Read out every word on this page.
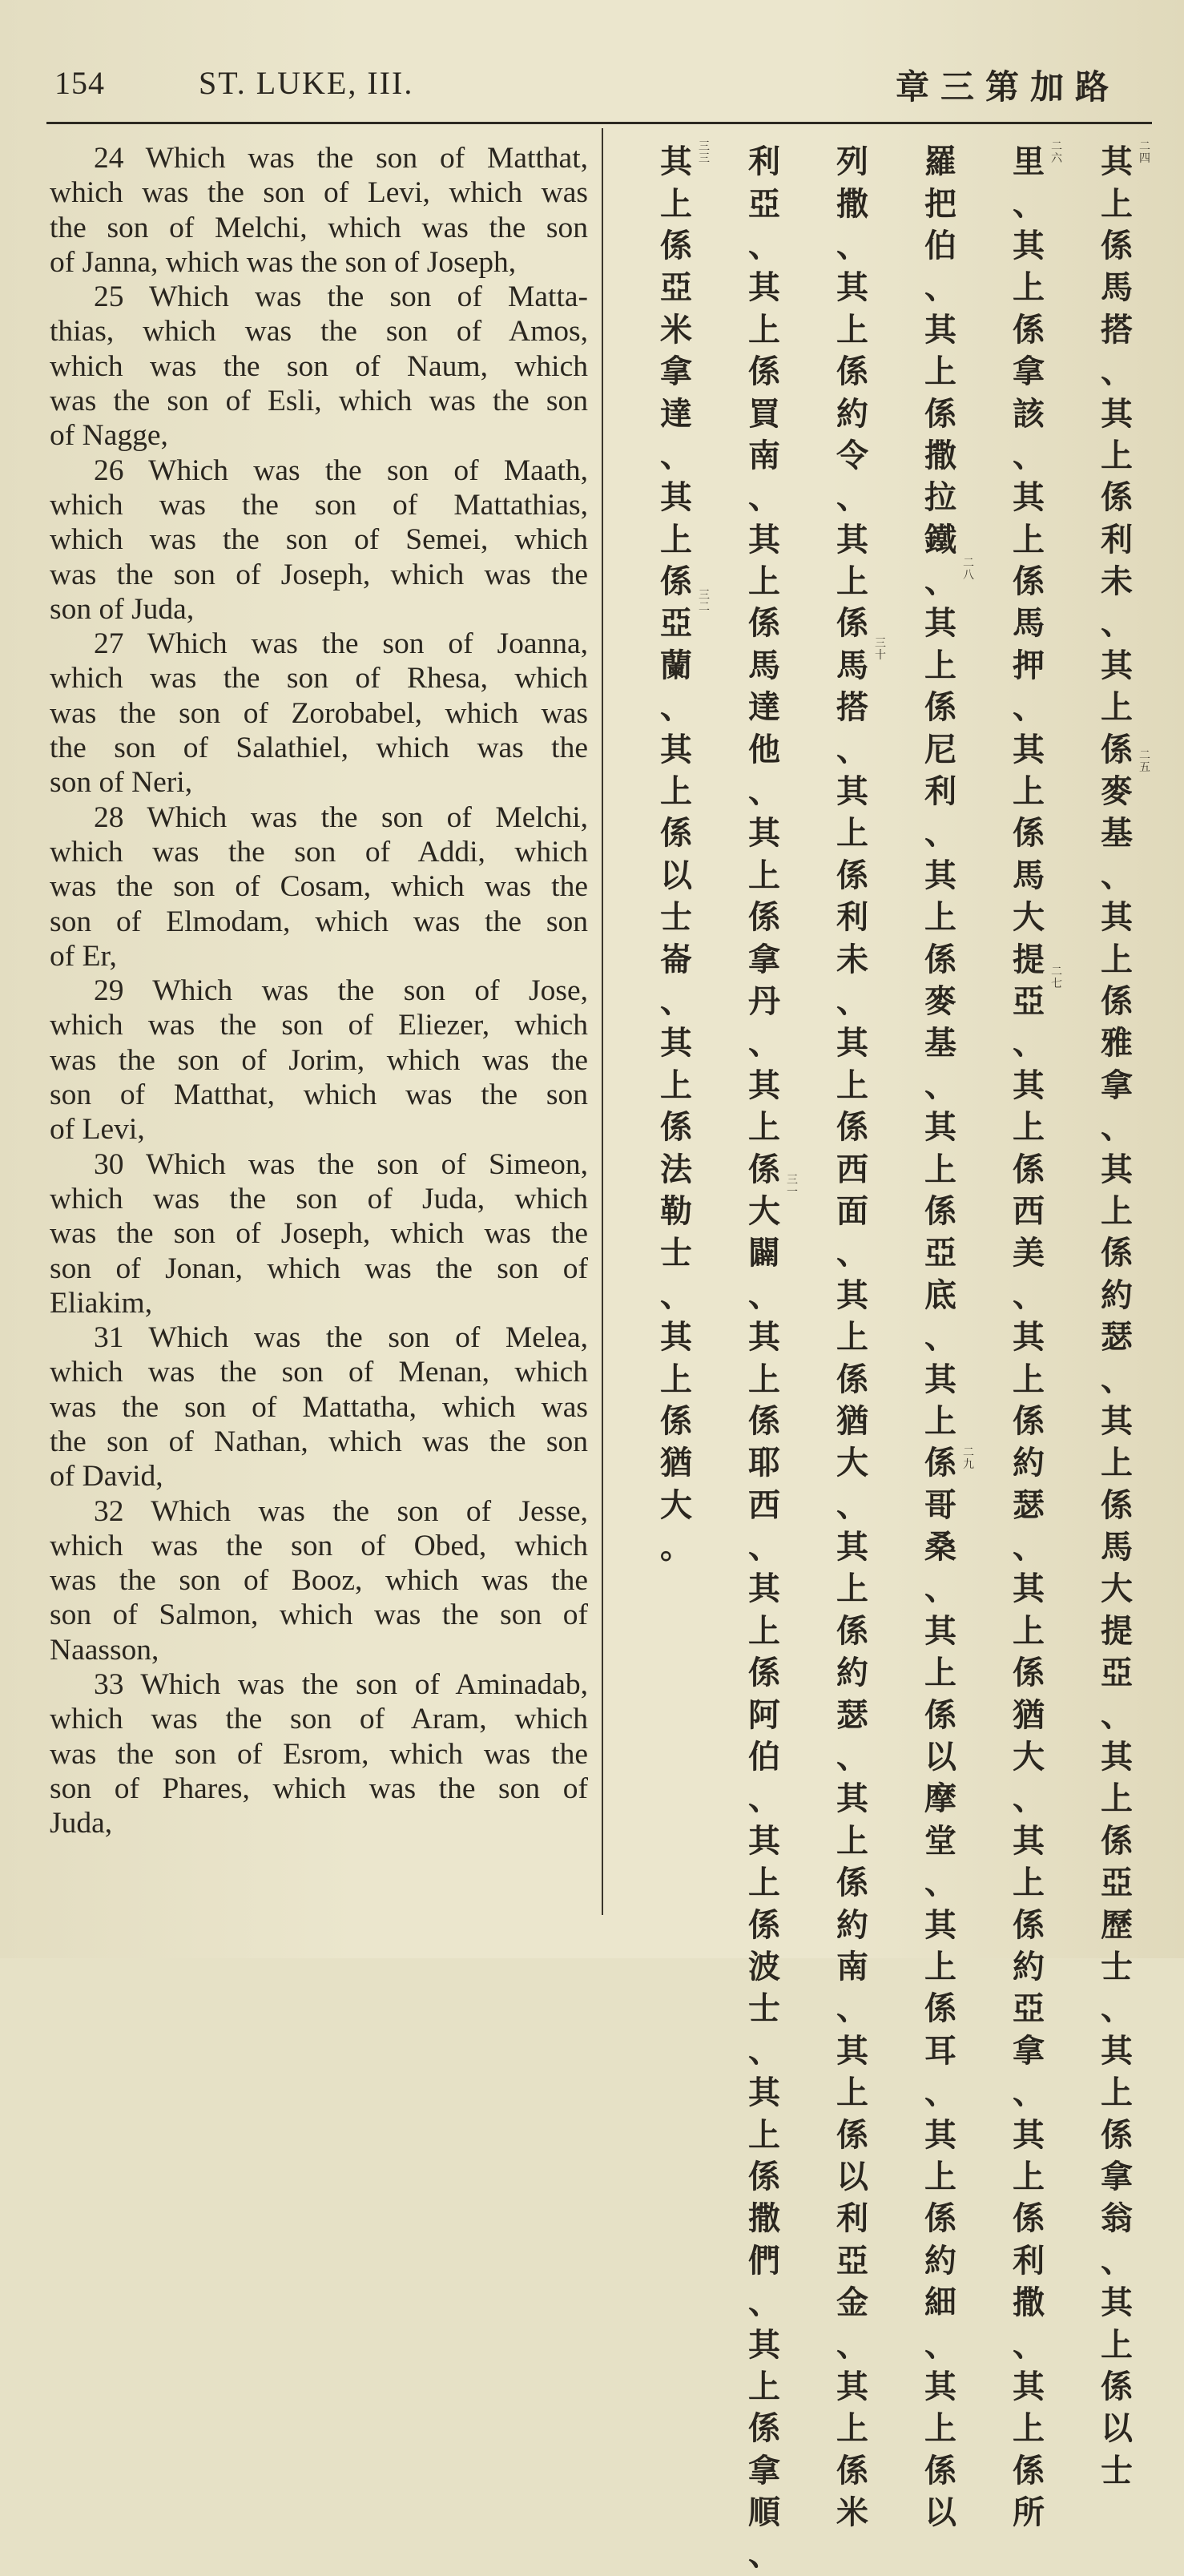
154	ST. LUKE, III.	章三第加路
24 Which was the son of Matthat,
which was the son of Levi, which was
the son of Melchi, which was the son
of Janna, which was the son of Joseph,
25 Which was the son of Matta-
thias, which was the son of Amos,
which was the son of Naum, which
was the son of Esli, which was the son
of Nagge,
26 Which was the son of Maath,
which was the son of Mattathias,
which was the son of Semei, which
was the son of Joseph, which was the
son of Juda,
27 Which was the son of Joanna,
which was the son of Rhesa, which
was the son of Zorobabel, which was
the son of Salathiel, which was the
son of Neri,
28 Which was the son of Melchi,
which was the son of Addi, which
was the son of Cosam, which was the
son of Elmodam, which was the son
of Er,
29 Which was the son of Jose,
which was the son of Eliezer, which
was the son of Jorim, which was the
son of Matthat, which was the son
of Levi,
30 Which was the son of Simeon,
which was the son of Juda, which
was the son of Joseph, which was the
son of Jonan, which was the son of
Eliakim,
31 Which was the son of Melea,
which was the son of Menan, which
was the son of Mattatha, which was
the son of Nathan, which was the son
of David,
32 Which was the son of Jesse,
which was the son of Obed, which
was the son of Booz, which was the
son of Salmon, which was the son of
Naasson,
33 Which was the son of Aminadab,
which was the son of Aram, which
was the son of Esrom, which was the
son of Phares, which was the son of
Juda,
其
上
係
馬
搭
、
其
上
係
利
未
、
其
上
係
麥
基
、
其
上
係
雅
拿
、
其
上
係
約
瑟
、
其
上
係
馬
大
提
亞
、
其
上
係
亞
歷
士
、
其
上
係
拿
翁
、
其
上
係
以
士
里
、
其
上
係
拿
該
、
其
上
係
馬
押
、
其
上
係
馬
大
提
亞
、
其
上
係
西
美
、
其
上
係
約
瑟
、
其
上
係
猶
大
、
其
上
係
約
亞
拿
、
其
上
係
利
撒
、
其
上
係
所
羅
把
伯
、
其
上
係
撒
拉
鐵
、
其
上
係
尼
利
、
其
上
係
麥
基
、
其
上
係
亞
底
、
其
上
係
哥
桑
、
其
上
係
以
摩
堂
、
其
上
係
耳
、
其
上
係
約
細
、
其
上
係
以
列
撒
、
其
上
係
約
令
、
其
上
係
馬
搭
、
其
上
係
利
未
、
其
上
係
西
面
、
其
上
係
猶
大
、
其
上
係
約
瑟
、
其
上
係
約
南
、
其
上
係
以
利
亞
金
、
其
上
係
米
利
亞
、
其
上
係
買
南
、
其
上
係
馬
達
他
、
其
上
係
拿
丹
、
其
上
係
大
闢
、
其
上
係
耶
西
、
其
上
係
阿
伯
、
其
上
係
波
士
、
其
上
係
撒
們
、
其
上
係
拿
順
、
其
上
係
亞
米
拿
達
、
其
上
係
亞
蘭
、
其
上
係
以
士
崙
、
其
上
係
法
勒
士
、
其
上
係
猶
大
。
二
四
二
五
二
六
二
七
二
八
二
九
三
十
三
一
三
二
三
三
